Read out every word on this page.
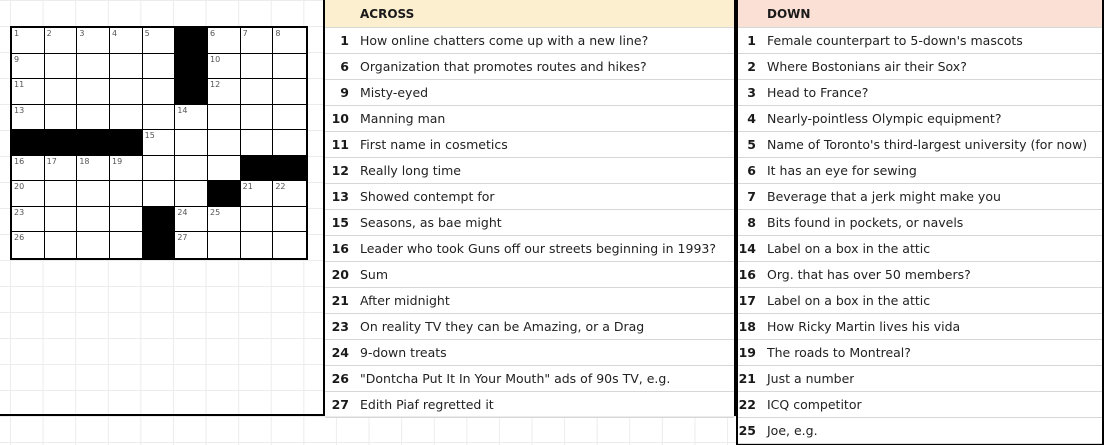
1	2	3	4	5	6	7	8
9	10
11	12
13	14
15
16	17	18	19
20	21	22
23	24	25
26	27
ACROSS
1 How online chatters come up with a new line?
6 Organization that promotes routes and hikes?
9 Misty-eyed
10 Manning man
11 First name in cosmetics
12 Really long time
13 Showed contempt for
15 Seasons, as bae might
16 Leader who took Guns off our streets beginning in 1993?
20 Sum
21 After midnight
23 On reality TV they can be Amazing, or a Drag
24 9-down treats
26 "Dontcha Put It In Your Mouth" ads of 90s TV, e.g.
27 Edith Piaf regretted it
DOWN
1 Female counterpart to 5-down's mascots
2 Where Bostonians air their Sox?
3 Head to France?
4 Nearly-pointless Olympic equipment?
5 Name of Toronto's third-largest university (for now)
6 It has an eye for sewing
7 Beverage that a jerk might make you
8 Bits found in pockets, or navels
14 Label on a box in the attic
16 Org. that has over 50 members?
17 Label on a box in the attic
18 How Ricky Martin lives his vida
19 The roads to Montreal?
21 Just a number
22 ICQ competitor
25 Joe, e.g.
